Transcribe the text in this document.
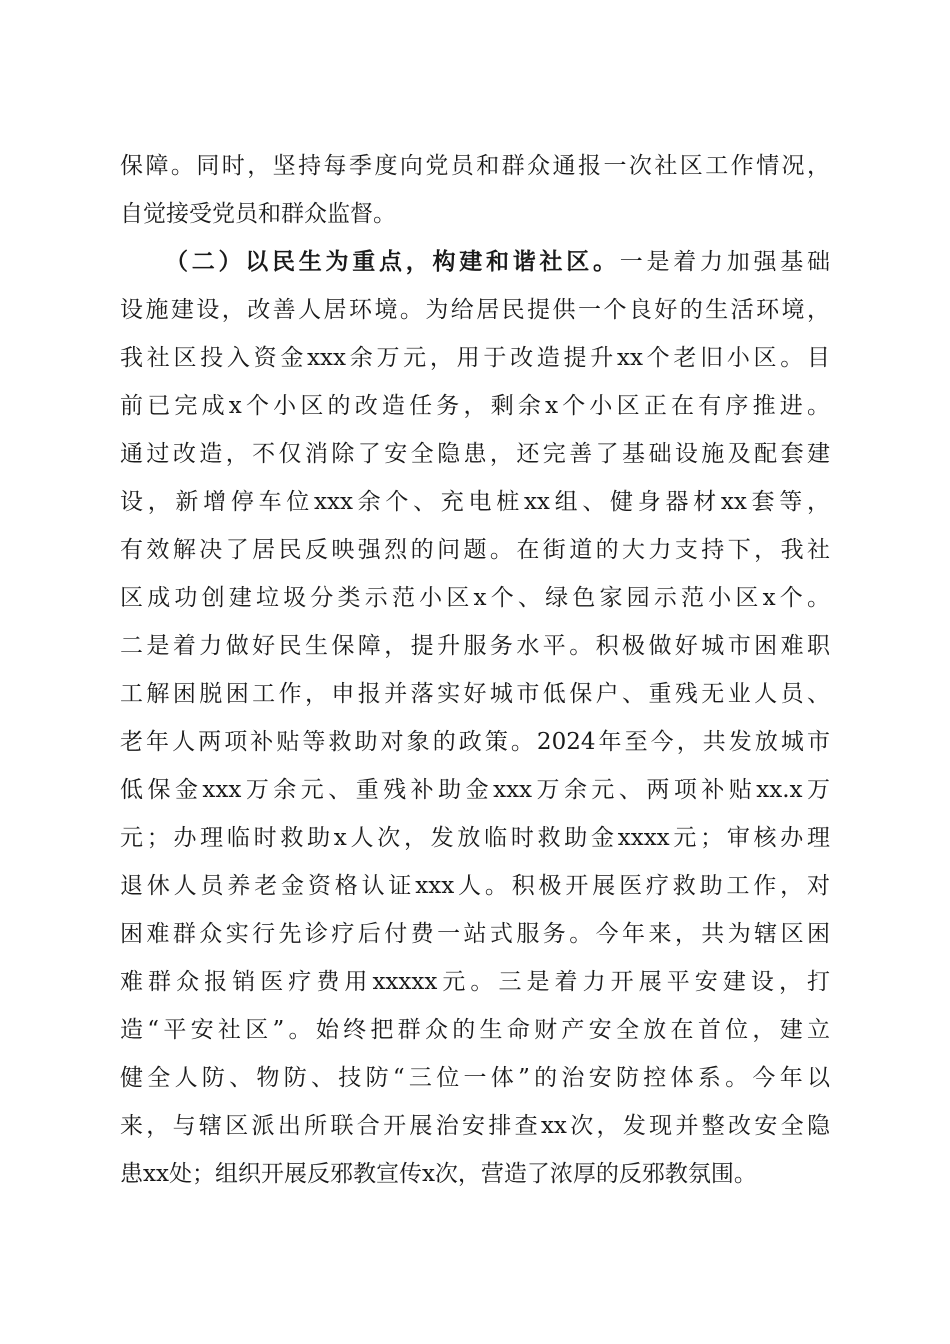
保障。同时，坚持每季度向党员和群众通报一次社区工作情况，
自觉接受党员和群众监督。
（二）以民生为重点，构建和谐社区。一是着力加强基础
设施建设，改善人居环境。为给居民提供一个良好的生活环境，
我社区投入资金xxx余万元，用于改造提升xx个老旧小区。目
前已完成x个小区的改造任务，剩余x个小区正在有序推进。
通过改造，不仅消除了安全隐患，还完善了基础设施及配套建
设，新增停车位xxx余个、充电桩xx组、健身器材xx套等，
有效解决了居民反映强烈的问题。在街道的大力支持下，我社
区成功创建垃圾分类示范小区x个、绿色家园示范小区x个。
二是着力做好民生保障，提升服务水平。积极做好城市困难职
工解困脱困工作，申报并落实好城市低保户、重残无业人员、
老年人两项补贴等救助对象的政策。2024年至今，共发放城市
低保金xxx万余元、重残补助金xxx万余元、两项补贴xx.x万
元；办理临时救助x人次，发放临时救助金xxxx元；审核办理
退休人员养老金资格认证xxx人。积极开展医疗救助工作，对
困难群众实行先诊疗后付费一站式服务。今年来，共为辖区困
难群众报销医疗费用xxxxx元。三是着力开展平安建设，打
造“平安社区”。始终把群众的生命财产安全放在首位，建立
健全人防、物防、技防“三位一体”的治安防控体系。今年以
来，与辖区派出所联合开展治安排查xx次，发现并整改安全隐
患xx处；组织开展反邪教宣传x次，营造了浓厚的反邪教氛围。
